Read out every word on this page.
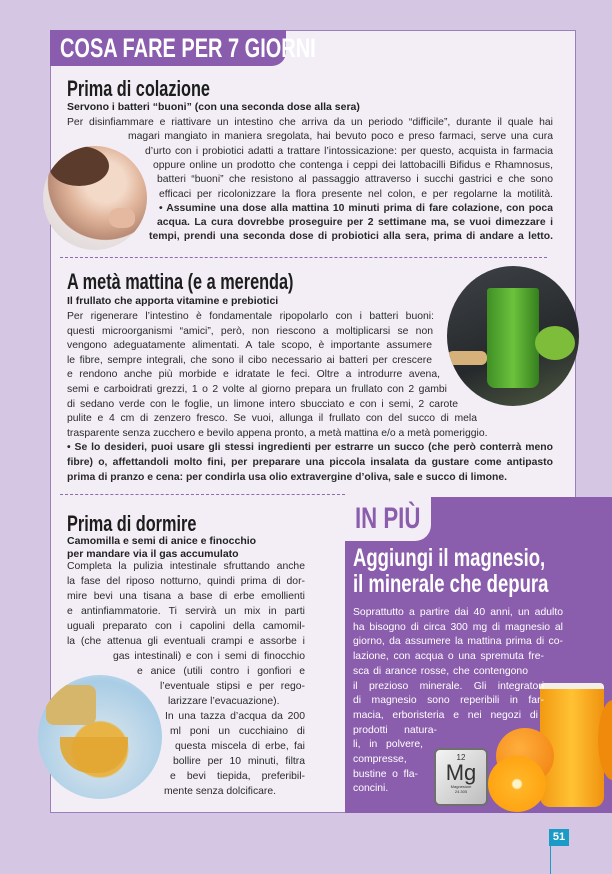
COSA FARE PER 7 GIORNI
Prima di colazione
Servono i batteri “buoni” (con una seconda dose alla sera)
Per disinfiammare e riattivare un intestino che arriva da un periodo “difficile”, durante il quale hai
magari mangiato in maniera sregolata, hai bevuto poco e preso farmaci, serve una cura
d’urto con i probiotici adatti a trattare l’intossicazione: per questo, acquista in farmacia
oppure online un prodotto che contenga i ceppi dei lattobacilli Bifidus e Rhamnosus,
batteri “buoni” che resistono al passaggio attraverso i succhi gastrici e che sono
efficaci per ricolonizzare la flora presente nel colon, e per regolarne la motilità.
• Assumine una dose alla mattina 10 minuti prima di fare colazione, con poca
acqua. La cura dovrebbe proseguire per 2 settimane ma, se vuoi dimezzare i
tempi, prendi una seconda dose di probiotici alla sera, prima di andare a letto.
A metà mattina (e a merenda)
Il frullato che apporta vitamine e prebiotici
Per rigenerare l’intestino è fondamentale ripopolarlo con i batteri buoni:
questi microorganismi “amici”, però, non riescono a moltiplicarsi se non
vengono adeguatamente alimentati. A tale scopo, è importante assumere
le fibre, sempre integrali, che sono il cibo necessario ai batteri per crescere
e rendono anche più morbide e idratate le feci. Oltre a introdurre avena,
semi e carboidrati grezzi, 1 o 2 volte al giorno prepara un frullato con 2 gambi
di sedano verde con le foglie, un limone intero sbucciato e con i semi, 2 carote
pulite e 4 cm di zenzero fresco. Se vuoi, allunga il frullato con del succo di mela
trasparente senza zucchero e bevilo appena pronto, a metà mattina e/o a metà pomeriggio.
• Se lo desideri, puoi usare gli stessi ingredienti per estrarre un succo (che però conterrà meno
fibre) o, affettandoli molto fini, per preparare una piccola insalata da gustare come antipasto
prima di pranzo e cena: per condirla usa olio extravergine d’oliva, sale e succo di limone.
Prima di dormire
Camomilla e semi di anice e finocchio
per mandare via il gas accumulato
Completa la pulizia intestinale sfruttando anche
la fase del riposo notturno, quindi prima di dor-
mire bevi una tisana a base di erbe emollienti
e antinfiammatorie. Ti servirà un mix in parti
uguali preparato con i capolini della camomil-
la (che attenua gli eventuali crampi e assorbe i
gas intestinali) e con i semi di finocchio
e anice (utili contro i gonfiori e
l’eventuale stipsi e per rego-
larizzare l’evacuazione).
In una tazza d’acqua da 200
ml poni un cucchiaino di
questa miscela di erbe, fai
bollire per 10 minuti, filtra
e bevi tiepida, preferibil-
mente senza dolcificare.
IN PIÙ
Aggiungi il magnesio,
il minerale che depura
12
Mg
Magnesium
24.305
Soprattutto a partire dai 40 anni, un adulto
ha bisogno di circa 300 mg di magnesio al
giorno, da assumere la mattina prima di co-
lazione, con acqua o una spremuta fre-
sca di arance rosse, che contengono
il prezioso minerale. Gli integratori
di magnesio sono reperibili in far-
macia, erboristeria e nei negozi di
prodotti natura-
li, in polvere,
compresse,
bustine o fla-
concini.
51
